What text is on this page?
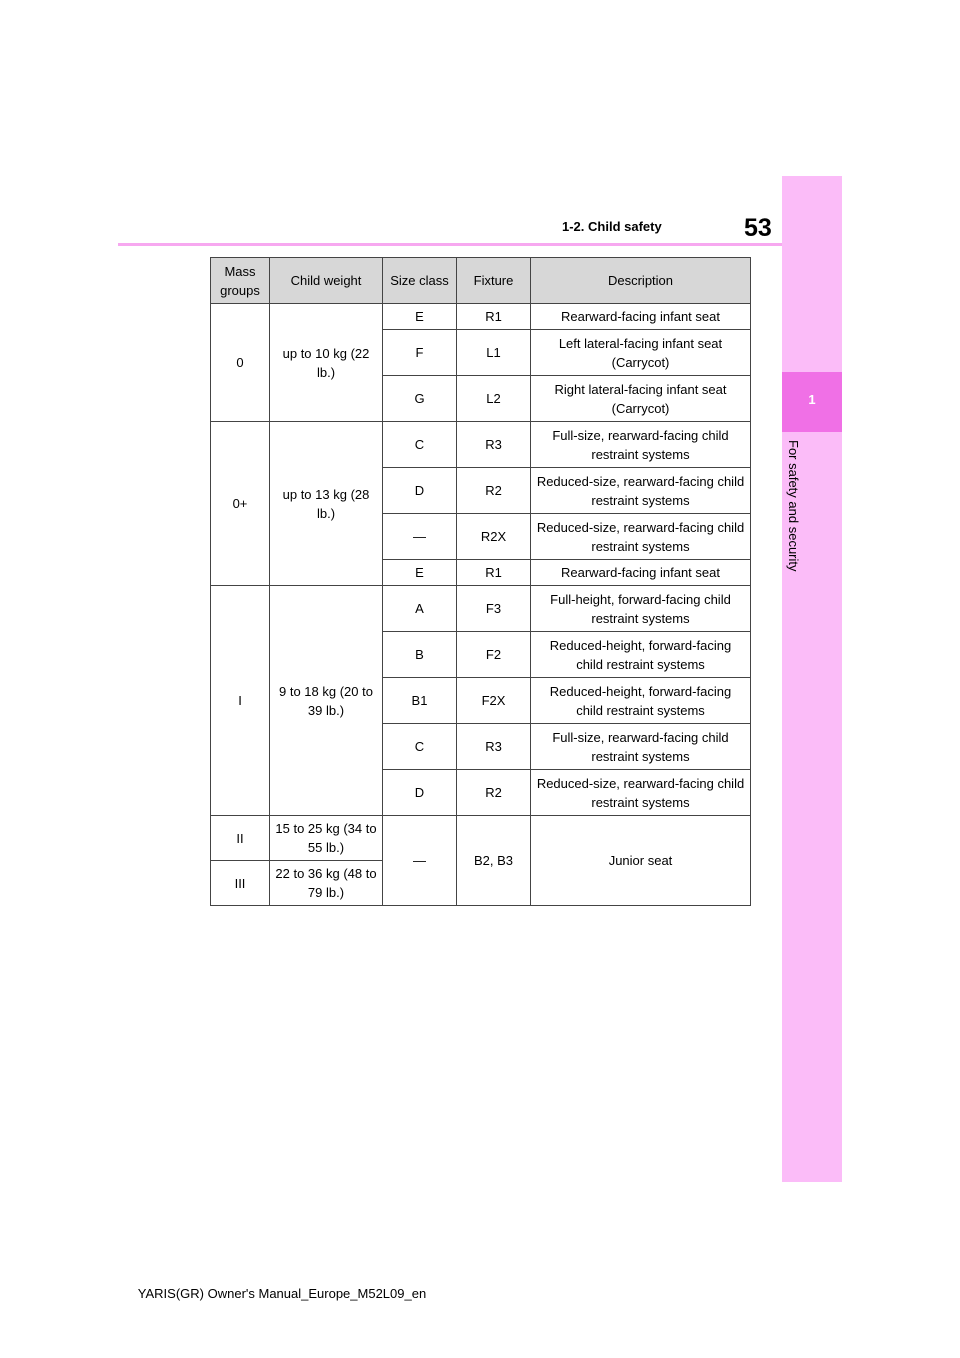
53
1-2. Child safety
1
For safety and security
Mass groups	Child weight	Size class	Fixture	Description
0	up to 10 kg (22 lb.)	E	R1	Rearward-facing infant seat
		F	L1	Left lateral-facing infant seat (Carrycot)
		G	L2	Right lateral-facing infant seat (Carrycot)
0+	up to 13 kg (28 lb.)	C	R3	Full-size, rearward-facing child restraint systems
		D	R2	Reduced-size, rearward-facing child restraint systems
		—	R2X	Reduced-size, rearward-facing child restraint systems
		E	R1	Rearward-facing infant seat
I	9 to 18 kg (20 to 39 lb.)	A	F3	Full-height, forward-facing child restraint systems
		B	F2	Reduced-height, forward-facing child restraint systems
		B1	F2X	Reduced-height, forward-facing child restraint systems
		C	R3	Full-size, rearward-facing child restraint systems
		D	R2	Reduced-size, rearward-facing child restraint systems
II	15 to 25 kg (34 to 55 lb.)	—	B2, B3	Junior seat
III	22 to 36 kg (48 to 79 lb.)			
YARIS(GR) Owner's Manual_Europe_M52L09_en
